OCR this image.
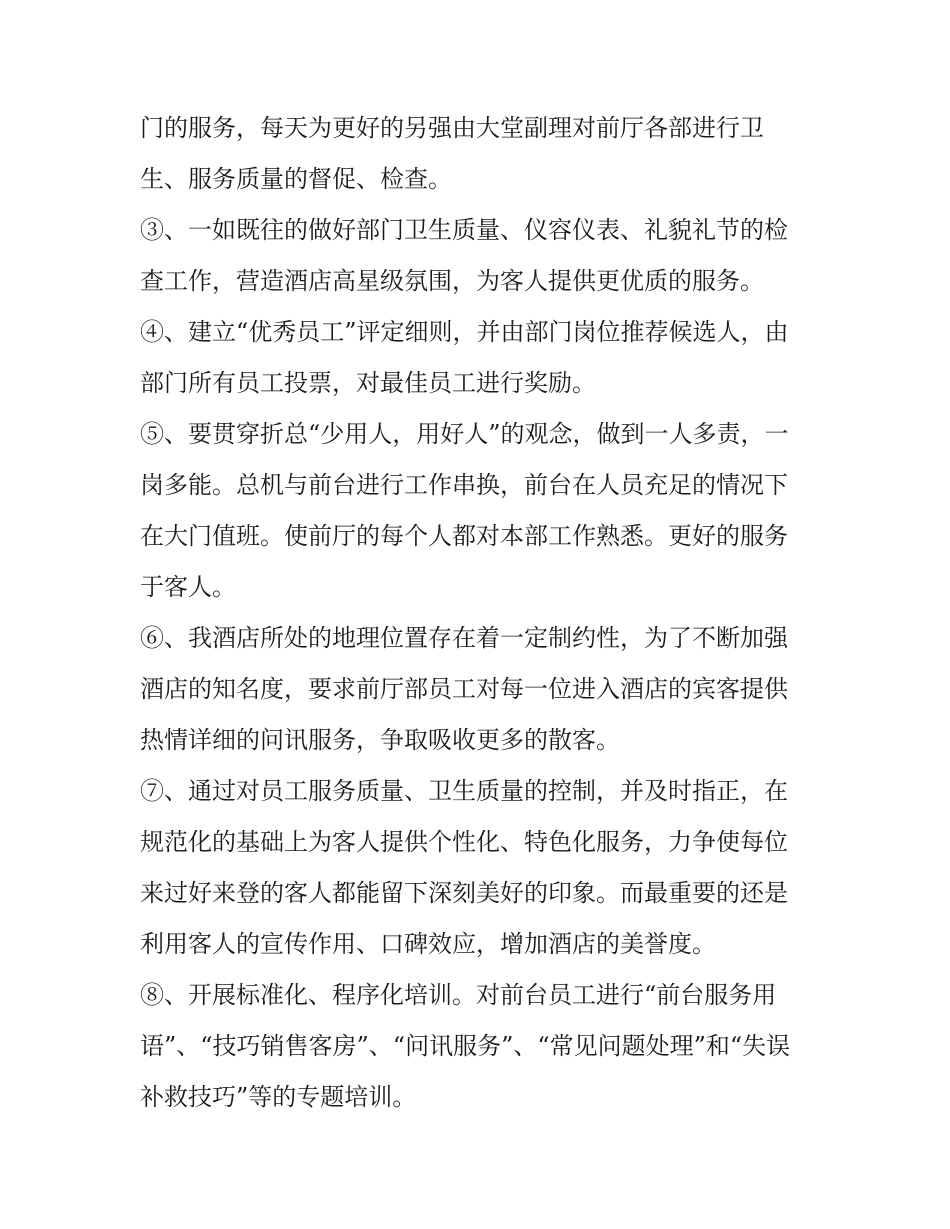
门的服务，每天为更好的另强由大堂副理对前厅各部进行卫
生、服务质量的督促、检查。
③、一如既往的做好部门卫生质量、仪容仪表、礼貌礼节的检
查工作，营造酒店高星级氛围，为客人提供更优质的服务。
④、建立“优秀员工”评定细则，并由部门岗位推荐候选人，由
部门所有员工投票，对最佳员工进行奖励。
⑤、要贯穿折总“少用人，用好人”的观念，做到一人多责，一
岗多能。总机与前台进行工作串换，前台在人员充足的情况下
在大门值班。使前厅的每个人都对本部工作熟悉。更好的服务
于客人。
⑥、我酒店所处的地理位置存在着一定制约性，为了不断加强
酒店的知名度，要求前厅部员工对每一位进入酒店的宾客提供
热情详细的问讯服务，争取吸收更多的散客。
⑦、通过对员工服务质量、卫生质量的控制，并及时指正，在
规范化的基础上为客人提供个性化、特色化服务，力争使每位
来过好来登的客人都能留下深刻美好的印象。而最重要的还是
利用客人的宣传作用、口碑效应，增加酒店的美誉度。
⑧、开展标准化、程序化培训。对前台员工进行“前台服务用
语”、“技巧销售客房”、“问讯服务”、“常见问题处理”和“失误
补救技巧”等的专题培训。
